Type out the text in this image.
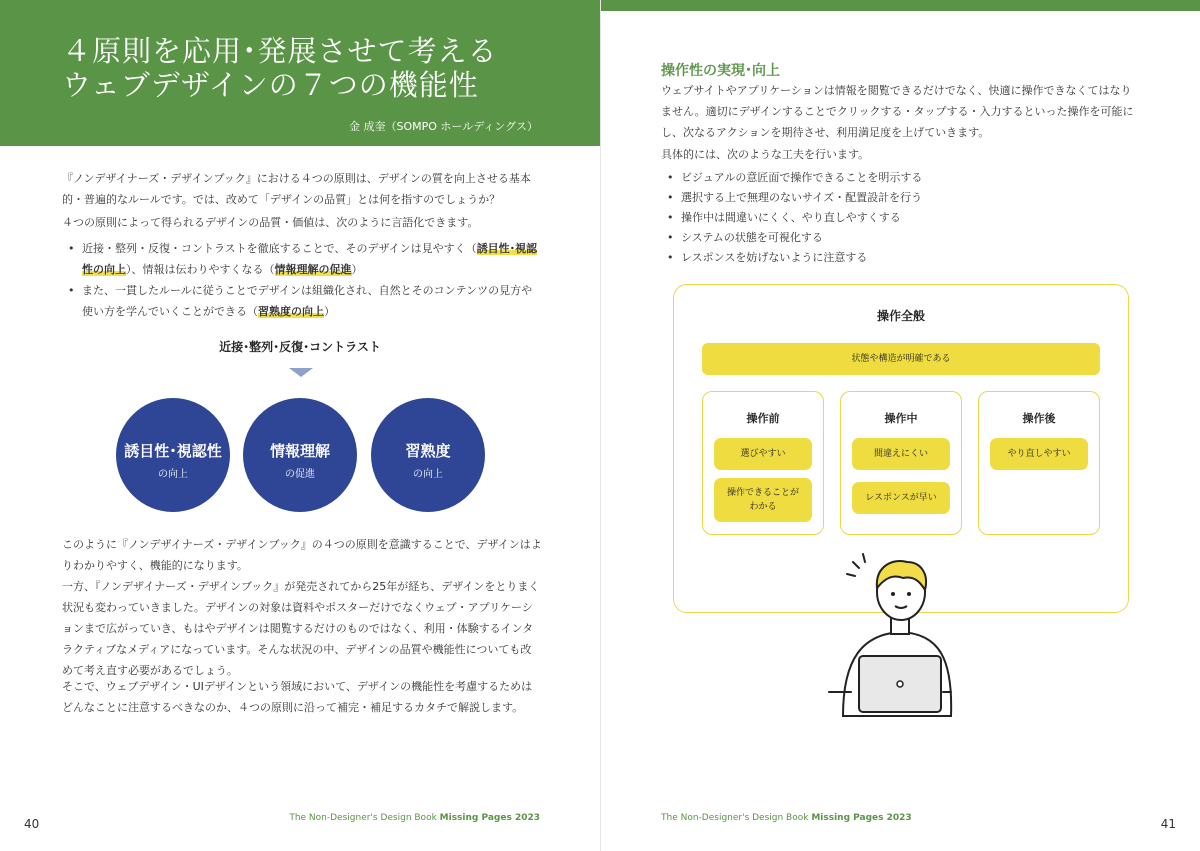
４原則を応用･発展させて考える
ウェブデザインの７つの機能性
金 成奎（SOMPO ホールディングス）

『ノンデザイナーズ・デザインブック』における４つの原則は、デザインの質を向上させる基本的・普遍的なルールです。では、改めて「デザインの品質」とは何を指すのでしょうか？

４つの原則によって得られるデザインの品質・価値は、次のように言語化できます。

• 近接・整列・反復・コントラストを徹底することで、そのデザインは見やすく（誘目性･視認性の向上）、情報は伝わりやすくなる（情報理解の促進）
• また、一貫したルールに従うことでデザインは組織化され、自然とそのコンテンツの見方や使い方を学んでいくことができる（習熟度の向上）
近接･整列･反復･コントラスト
誘目性･視認性
の向上
情報理解
の促進
習熟度
の向上

このように『ノンデザイナーズ・デザインブック』の４つの原則を意識することで、デザインはよりわかりやすく、機能的になります。

一方、『ノンデザイナーズ・デザインブック』が発売されてから25年が経ち、デザインをとりまく状況も変わっていきました。デザインの対象は資料やポスターだけでなくウェブ・アプリケーションまで広がっていき、もはやデザインは閲覧するだけのものではなく、利用・体験するインタラクティブなメディアになっています。そんな状況の中、デザインの品質や機能性についても改めて考え直す必要があるでしょう。

そこで、ウェブデザイン・UIデザインという領域において、デザインの機能性を考慮するためはどんなことに注意するべきなのか、４つの原則に沿って補完・補足するカタチで解説します。

40	The Non-Designer's Design Book Missing Pages 2023
操作性の実現･向上

ウェブサイトやアプリケーションは情報を閲覧できるだけでなく、快適に操作できなくてはなりません。適切にデザインすることでクリックする・タップする・入力するといった操作を可能にし、次なるアクションを期待させ、利用満足度を上げていきます。

具体的には、次のような工夫を行います。

• ビジュアルの意匠面で操作できることを明示する
• 選択する上で無理のないサイズ・配置設計を行う
• 操作中は間違いにくく、やり直しやすくする
• システムの状態を可視化する
• レスポンスを妨げないように注意する
操作全般
状態や構造が明確である
操作前
選びやすい
操作できることが
わかる
操作中
間違えにくい
レスポンスが早い
操作後
やり直しやすい
The Non-Designer's Design Book Missing Pages 2023	41
